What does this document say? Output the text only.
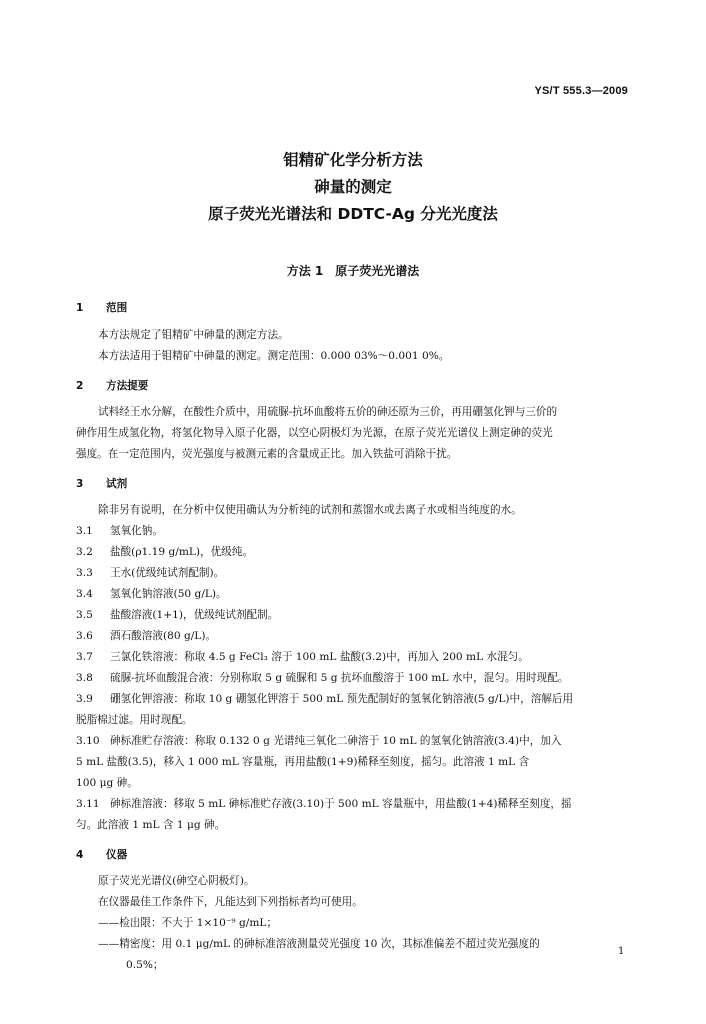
YS/T 555.3—2009
钼精矿化学分析方法
砷量的测定
原子荧光光谱法和 DDTC-Ag 分光光度法
方法 1　原子荧光光谱法
1 范围
本方法规定了钼精矿中砷量的测定方法。
本方法适用于钼精矿中砷量的测定。测定范围：0.000 03%～0.001 0%。
2 方法提要
试料经王水分解，在酸性介质中，用硫脲-抗坏血酸将五价的砷还原为三价，再用硼氢化钾与三价的
砷作用生成氢化物，将氢化物导入原子化器，以空心阴极灯为光源，在原子荧光光谱仪上测定砷的荧光
强度。在一定范围内，荧光强度与被测元素的含量成正比。加入铁盐可消除干扰。
3 试剂
除非另有说明，在分析中仅使用确认为分析纯的试剂和蒸馏水或去离子水或相当纯度的水。
3.1 氢氧化钠。
3.2 盐酸(ρ1.19 g/mL)，优级纯。
3.3 王水(优级纯试剂配制)。
3.4 氢氧化钠溶液(50 g/L)。
3.5 盐酸溶液(1+1)，优级纯试剂配制。
3.6 酒石酸溶液(80 g/L)。
3.7 三氯化铁溶液：称取 4.5 g FeCl₃ 溶于 100 mL 盐酸(3.2)中，再加入 200 mL 水混匀。
3.8 硫脲-抗坏血酸混合液：分别称取 5 g 硫脲和 5 g 抗坏血酸溶于 100 mL 水中，混匀。用时现配。
3.9 硼氢化钾溶液：称取 10 g 硼氢化钾溶于 500 mL 预先配制好的氢氧化钠溶液(5 g/L)中，溶解后用
脱脂棉过滤。用时现配。
3.10 砷标准贮存溶液：称取 0.132 0 g 光谱纯三氧化二砷溶于 10 mL 的氢氧化钠溶液(3.4)中，加入
5 mL 盐酸(3.5)，移入 1 000 mL 容量瓶，再用盐酸(1+9)稀释至刻度，摇匀。此溶液 1 mL 含
100 μg 砷。
3.11 砷标准溶液：移取 5 mL 砷标准贮存液(3.10)于 500 mL 容量瓶中，用盐酸(1+4)稀释至刻度，摇
匀。此溶液 1 mL 含 1 μg 砷。
4 仪器
原子荧光光谱仪(砷空心阴极灯)。
在仪器最佳工作条件下，凡能达到下列指标者均可使用。
——检出限：不大于 1×10⁻⁹ g/mL；
——精密度：用 0.1 μg/mL 的砷标准溶液测量荧光强度 10 次，其标准偏差不超过荧光强度的
0.5%；
1
